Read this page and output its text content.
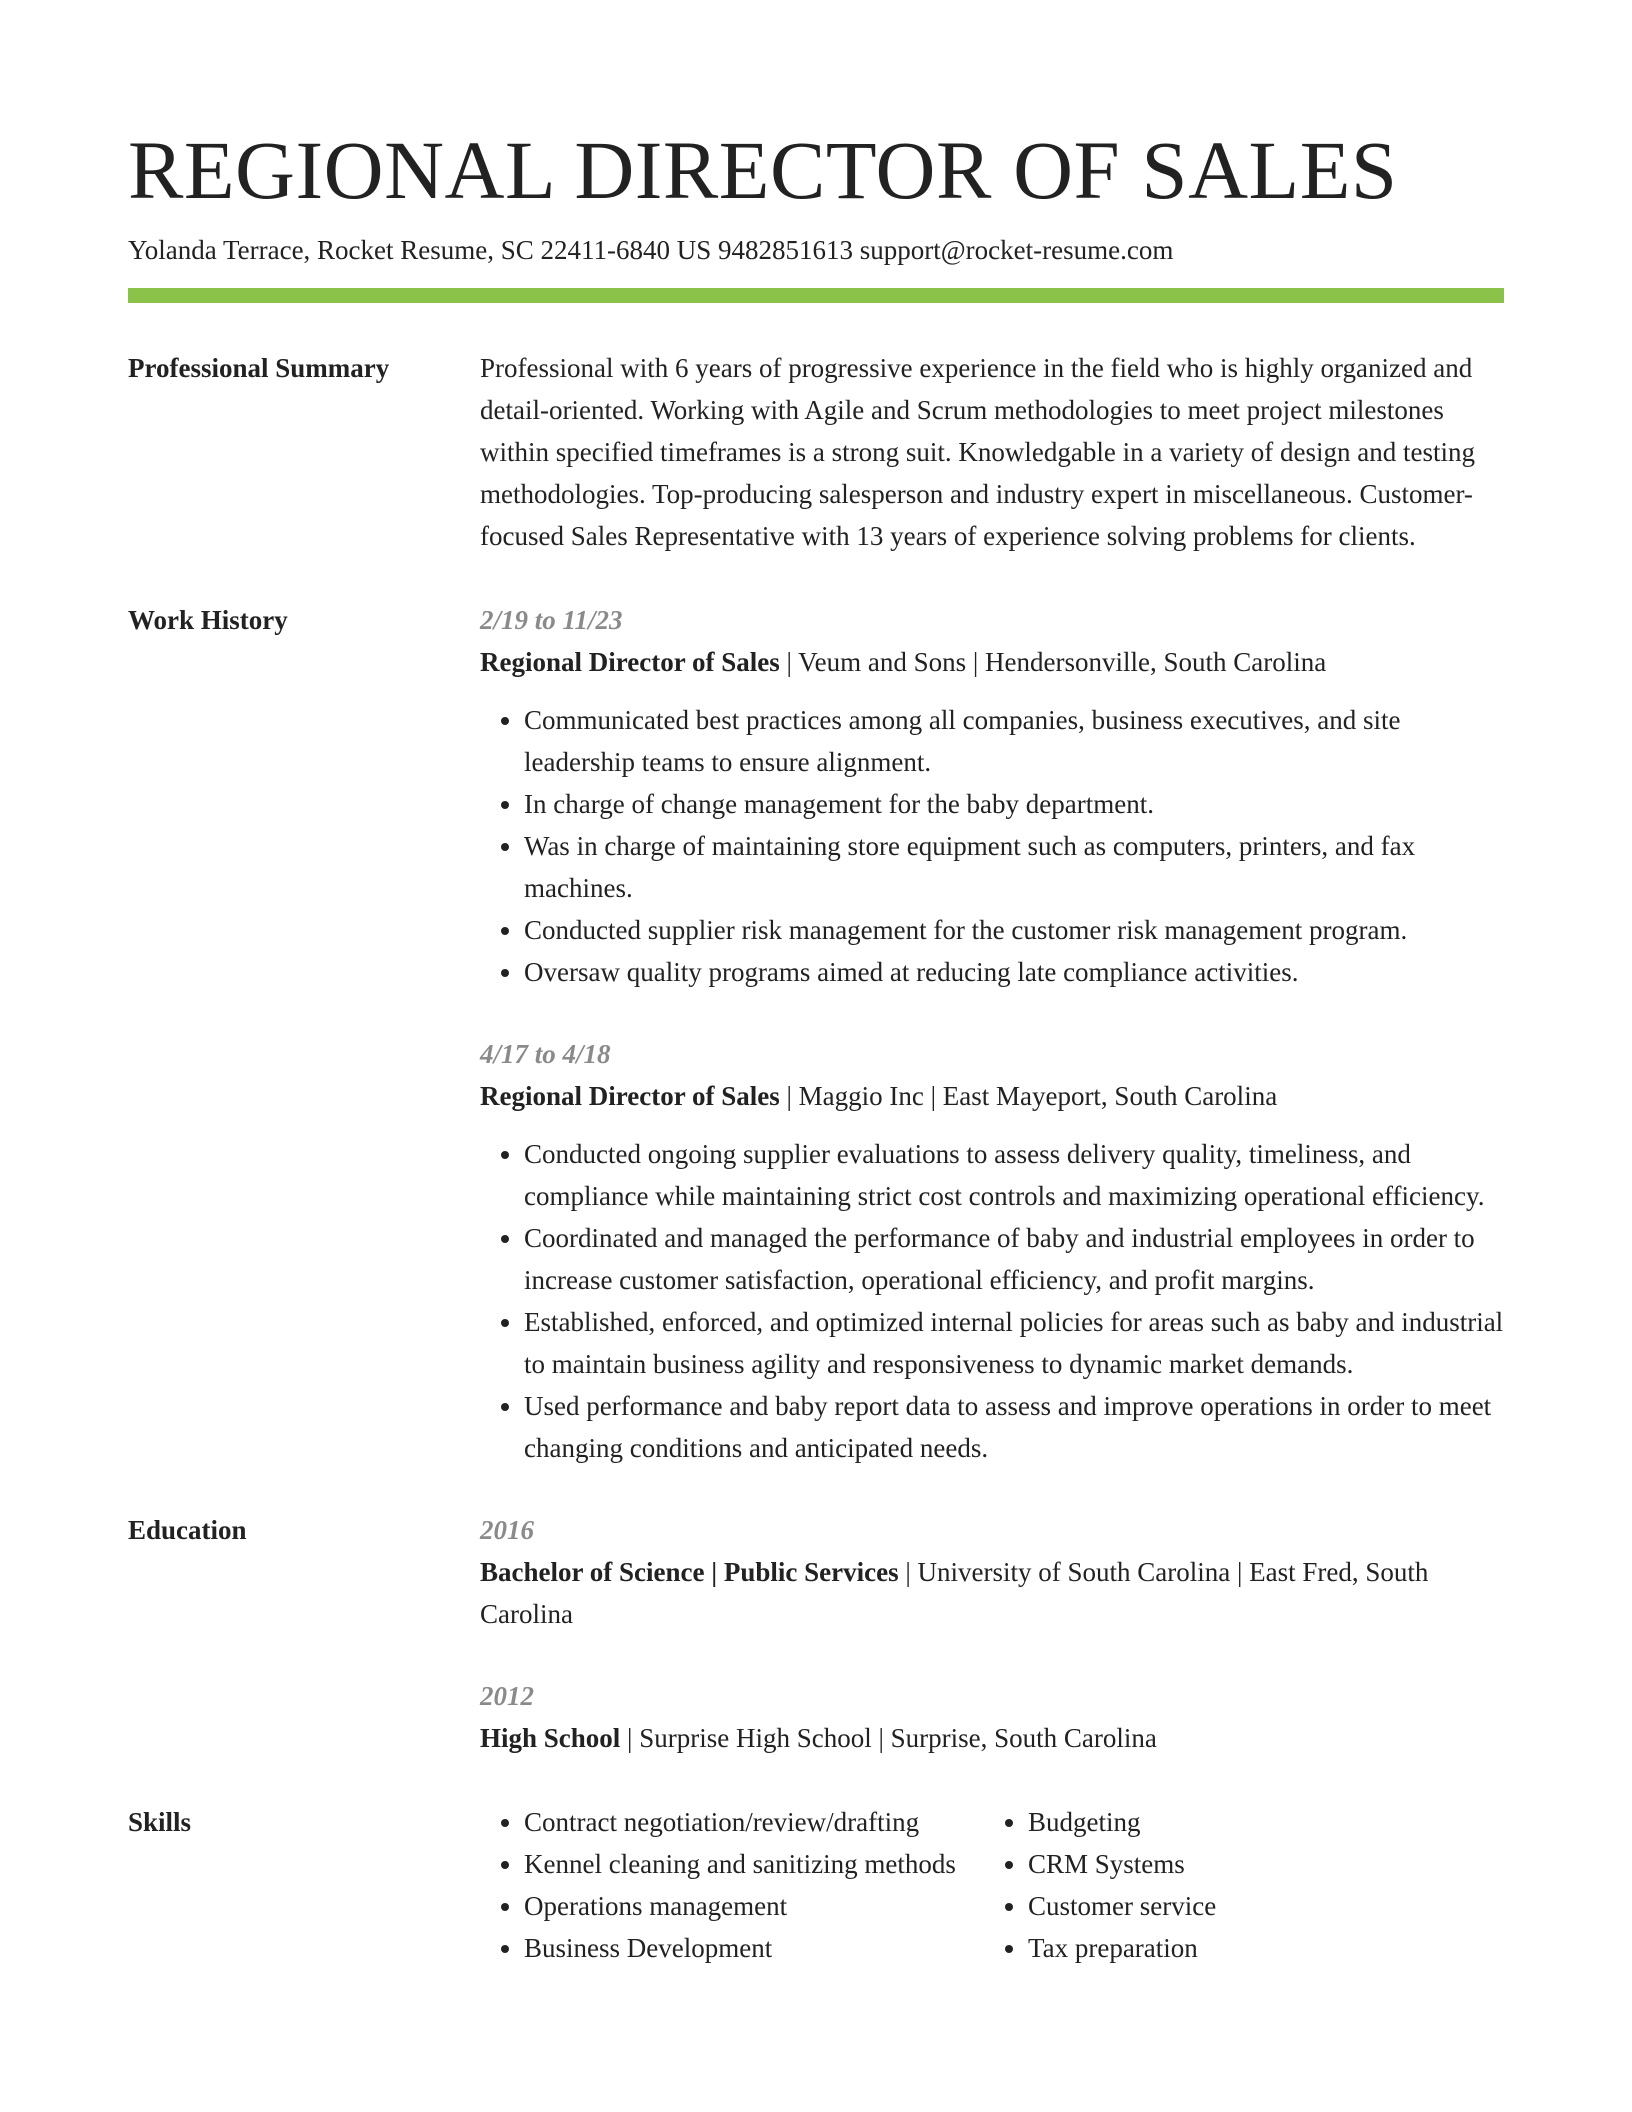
REGIONAL DIRECTOR OF SALES
Yolanda Terrace, Rocket Resume, SC 22411-6840 US 9482851613 support@rocket-resume.com
Professional Summary	Professional with 6 years of progressive experience in the field who is highly organized and detail-oriented. Working with Agile and Scrum methodologies to meet project milestones within specified timeframes is a strong suit. Knowledgable in a variety of design and testing methodologies. Top-producing salesperson and industry expert in miscellaneous. Customer-focused Sales Representative with 13 years of experience solving problems for clients.

Work History	2/19 to 11/23
Regional Director of Sales | Veum and Sons | Hendersonville, South Carolina
• Communicated best practices among all companies, business executives, and site leadership teams to ensure alignment.
• In charge of change management for the baby department.
• Was in charge of maintaining store equipment such as computers, printers, and fax machines.
• Conducted supplier risk management for the customer risk management program.
• Oversaw quality programs aimed at reducing late compliance activities.
4/17 to 4/18
Regional Director of Sales | Maggio Inc | East Mayeport, South Carolina
• Conducted ongoing supplier evaluations to assess delivery quality, timeliness, and compliance while maintaining strict cost controls and maximizing operational efficiency.
• Coordinated and managed the performance of baby and industrial employees in order to increase customer satisfaction, operational efficiency, and profit margins.
• Established, enforced, and optimized internal policies for areas such as baby and industrial to maintain business agility and responsiveness to dynamic market demands.
• Used performance and baby report data to assess and improve operations in order to meet changing conditions and anticipated needs.
Education	2016
Bachelor of Science | Public Services | University of South Carolina | East Fred, South Carolina
2012
High School | Surprise High School | Surprise, South Carolina
Skills
•	Contract negotiation/review/drafting
• Kennel cleaning and sanitizing methods
• Operations management
• Business Development
• Budgeting
• CRM Systems
• Customer service
• Tax preparation
